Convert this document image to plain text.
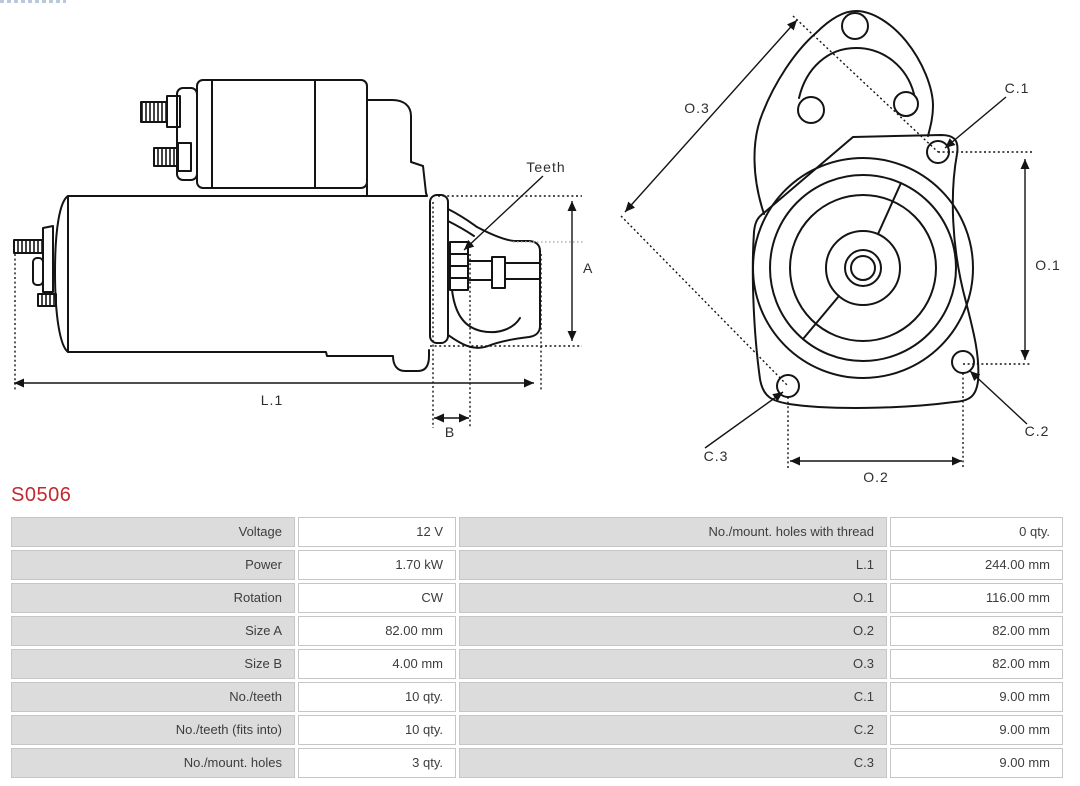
Teeth
A
L.1
B
O.3
C.1
O.1
C.2
C.3
O.2
S0506
Voltage	12 V	No./mount. holes with thread	0 qty.
Power	1.70 kW	L.1	244.00 mm
Rotation	CW	O.1	116.00 mm
Size A	82.00 mm	O.2	82.00 mm
Size B	4.00 mm	O.3	82.00 mm
No./teeth	10 qty.	C.1	9.00 mm
No./teeth (fits into)	10 qty.	C.2	9.00 mm
No./mount. holes	3 qty.	C.3	9.00 mm
